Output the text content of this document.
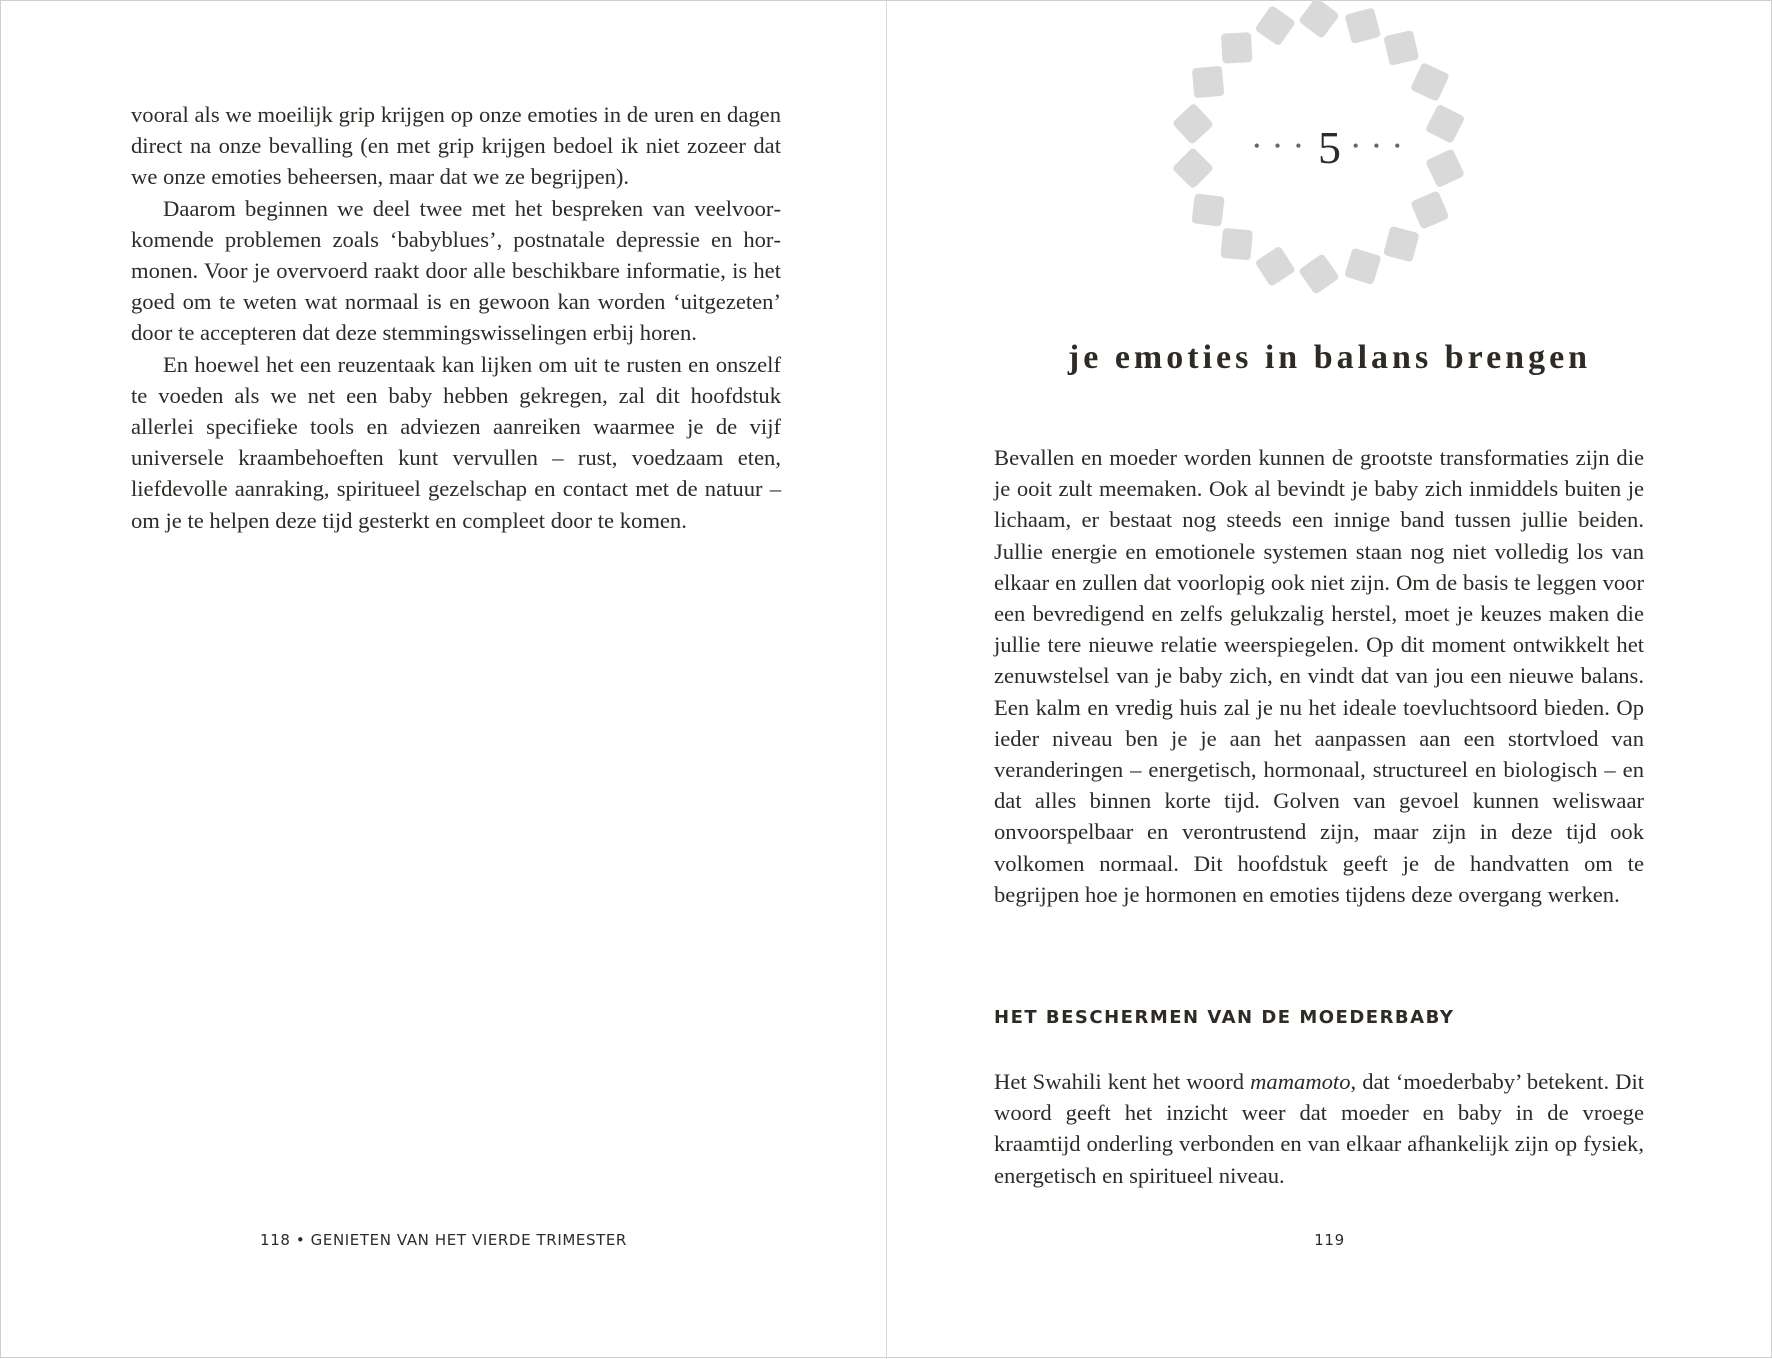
vooral als we moeilijk grip krijgen op onze emoties in de uren en dagen direct na onze bevalling (en met grip krijgen bedoel ik niet zozeer dat we onze emoties beheersen, maar dat we ze begrijpen).

Daarom beginnen we deel twee met het bespreken van veelvoorkomende problemen zoals ‘babyblues’, postnatale depressie en hormonen. Voor je overvoerd raakt door alle beschikbare informatie, is het goed om te weten wat normaal is en gewoon kan worden ‘uitgezeten’ door te accepteren dat deze stemmingswisselingen erbij horen.

En hoewel het een reuzentaak kan lijken om uit te rusten en onszelf te voeden als we net een baby hebben gekregen, zal dit hoofdstuk allerlei specifieke tools en adviezen aanreiken waarmee je de vijf universele kraambehoeften kunt vervullen – rust, voedzaam eten, liefdevolle aanraking, spiritueel gezelschap en contact met de natuur – om je te helpen deze tijd gesterkt en compleet door te komen.

118 • GENIETEN VAN HET VIERDE TRIMESTER
• • • 5 • • •
je emoties in balans brengen

Bevallen en moeder worden kunnen de grootste transformaties zijn die je ooit zult meemaken. Ook al bevindt je baby zich inmiddels buiten je lichaam, er bestaat nog steeds een innige band tussen jullie beiden. Jullie energie en emotionele systemen staan nog niet volledig los van elkaar en zullen dat voorlopig ook niet zijn. Om de basis te leggen voor een bevredigend en zelfs gelukzalig herstel, moet je keuzes maken die jullie tere nieuwe relatie weerspiegelen. Op dit moment ontwikkelt het zenuwstelsel van je baby zich, en vindt dat van jou een nieuwe balans. Een kalm en vredig huis zal je nu het ideale toevluchtsoord bieden. Op ieder niveau ben je je aan het aanpassen aan een stortvloed van veranderingen – energetisch, hormonaal, structureel en biologisch – en dat alles binnen korte tijd. Golven van gevoel kunnen weliswaar onvoorspelbaar en verontrustend zijn, maar zijn in deze tijd ook volkomen normaal. Dit hoofdstuk geeft je de handvatten om te begrijpen hoe je hormonen en emoties tijdens deze overgang werken.

HET BESCHERMEN VAN DE MOEDERBABY

Het Swahili kent het woord mamamoto, dat ‘moederbaby’ betekent. Dit woord geeft het inzicht weer dat moeder en baby in de vroege kraamtijd onderling verbonden en van elkaar afhankelijk zijn op fysiek, energetisch en spiritueel niveau.

119
